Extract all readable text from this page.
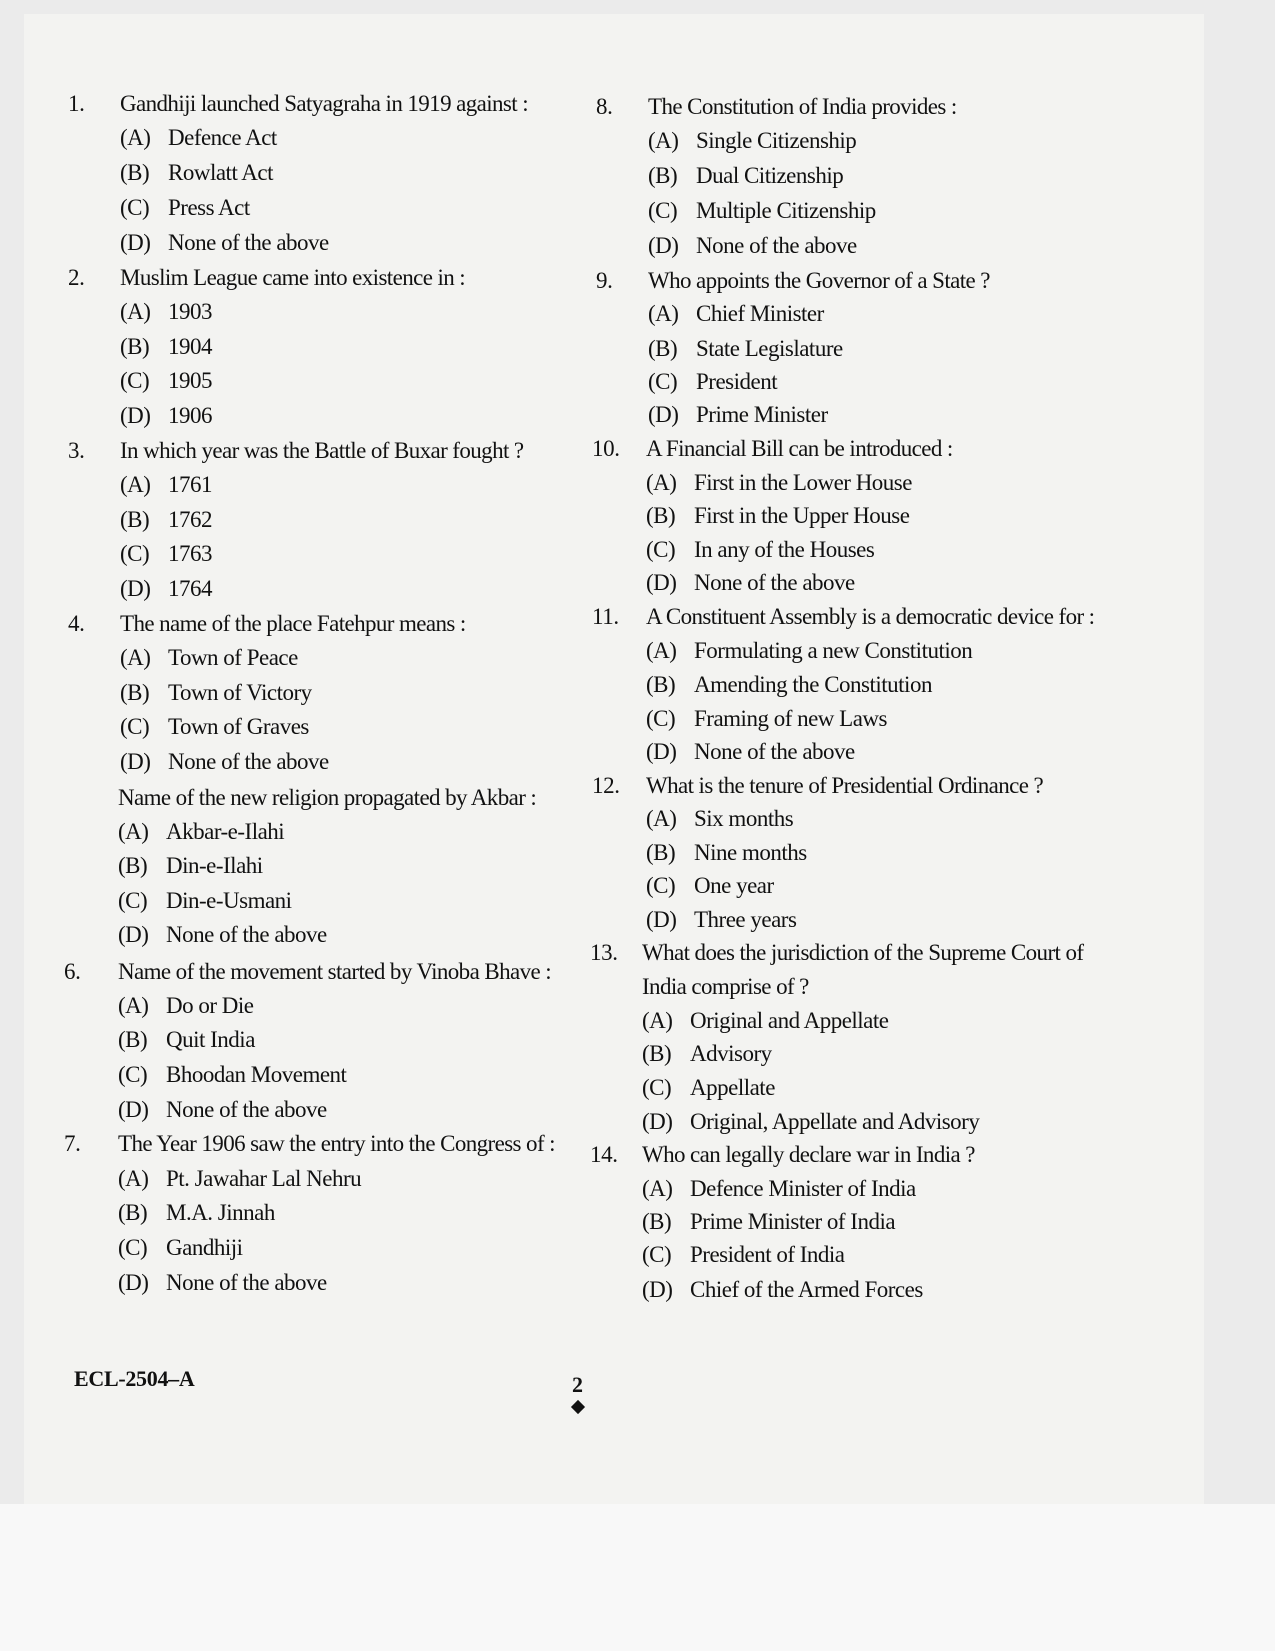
1. Gandhiji launched Satyagraha in 1919 against :
(A) Defence Act
(B) Rowlatt Act
(C) Press Act
(D) None of the above
2. Muslim League came into existence in :
(A) 1903
(B) 1904
(C) 1905
(D) 1906
3. In which year was the Battle of Buxar fought ?
(A) 1761
(B) 1762
(C) 1763
(D) 1764
4. The name of the place Fatehpur means :
(A) Town of Peace
(B) Town of Victory
(C) Town of Graves
(D) None of the above
Name of the new religion propagated by Akbar :
(A) Akbar-e-Ilahi
(B) Din-e-Ilahi
(C) Din-e-Usmani
(D) None of the above
6. Name of the movement started by Vinoba Bhave :
(A) Do or Die
(B) Quit India
(C) Bhoodan Movement
(D) None of the above
7. The Year 1906 saw the entry into the Congress of :
(A) Pt. Jawahar Lal Nehru
(B) M.A. Jinnah
(C) Gandhiji
(D) None of the above
8. The Constitution of India provides :
(A) Single Citizenship
(B) Dual Citizenship
(C) Multiple Citizenship
(D) None of the above
9. Who appoints the Governor of a State ?
(A) Chief Minister
(B) State Legislature
(C) President
(D) Prime Minister
10. A Financial Bill can be introduced :
(A) First in the Lower House
(B) First in the Upper House
(C) In any of the Houses
(D) None of the above
11. A Constituent Assembly is a democratic device for :
(A) Formulating a new Constitution
(B) Amending the Constitution
(C) Framing of new Laws
(D) None of the above
12. What is the tenure of Presidential Ordinance ?
(A) Six months
(B) Nine months
(C) One year
(D) Three years
13. What does the jurisdiction of the Supreme Court of
India comprise of ?
(A) Original and Appellate
(B) Advisory
(C) Appellate
(D) Original, Appellate and Advisory
14. Who can legally declare war in India ?
(A) Defence Minister of India
(B) Prime Minister of India
(C) President of India
(D) Chief of the Armed Forces
ECL-2504–A	2
